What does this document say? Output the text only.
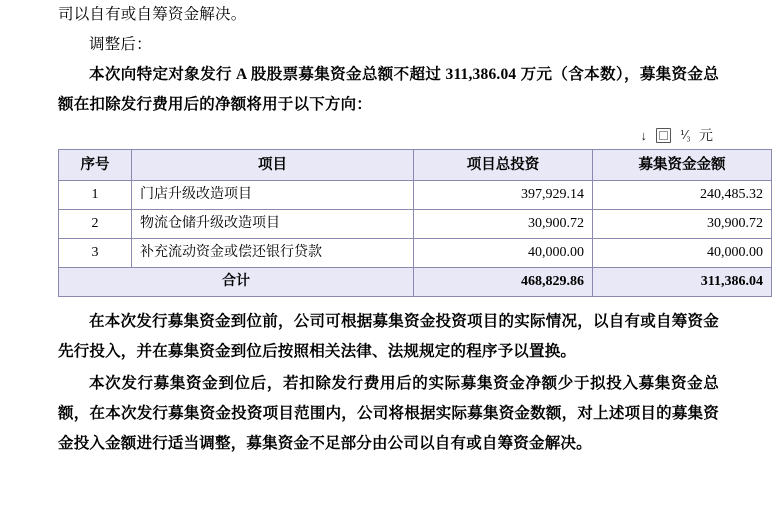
司以自有或自筹资金解决。

调整后：

本次向特定对象发行 A 股股票募集资金总额不超过 311,386.04 万元（含本数），募集资金总额在扣除发行费用后的净额将用于以下方向：

↓	⅟₃ 元
序号	项目	项目总投资	募集资金金额
1	门店升级改造项目	397,929.14	240,485.32
2	物流仓储升级改造项目	30,900.72	30,900.72
3	补充流动资金或偿还银行贷款	40,000.00	40,000.00
合计		468,829.86	311,386.04

在本次发行募集资金到位前，公司可根据募集资金投资项目的实际情况，以自有或自筹资金先行投入，并在募集资金到位后按照相关法律、法规规定的程序予以置换。

本次发行募集资金到位后，若扣除发行费用后的实际募集资金净额少于拟投入募集资金总额，在本次发行募集资金投资项目范围内，公司将根据实际募集资金数额，对上述项目的募集资金投入金额进行适当调整，募集资金不足部分由公司以自有或自筹资金解决。
